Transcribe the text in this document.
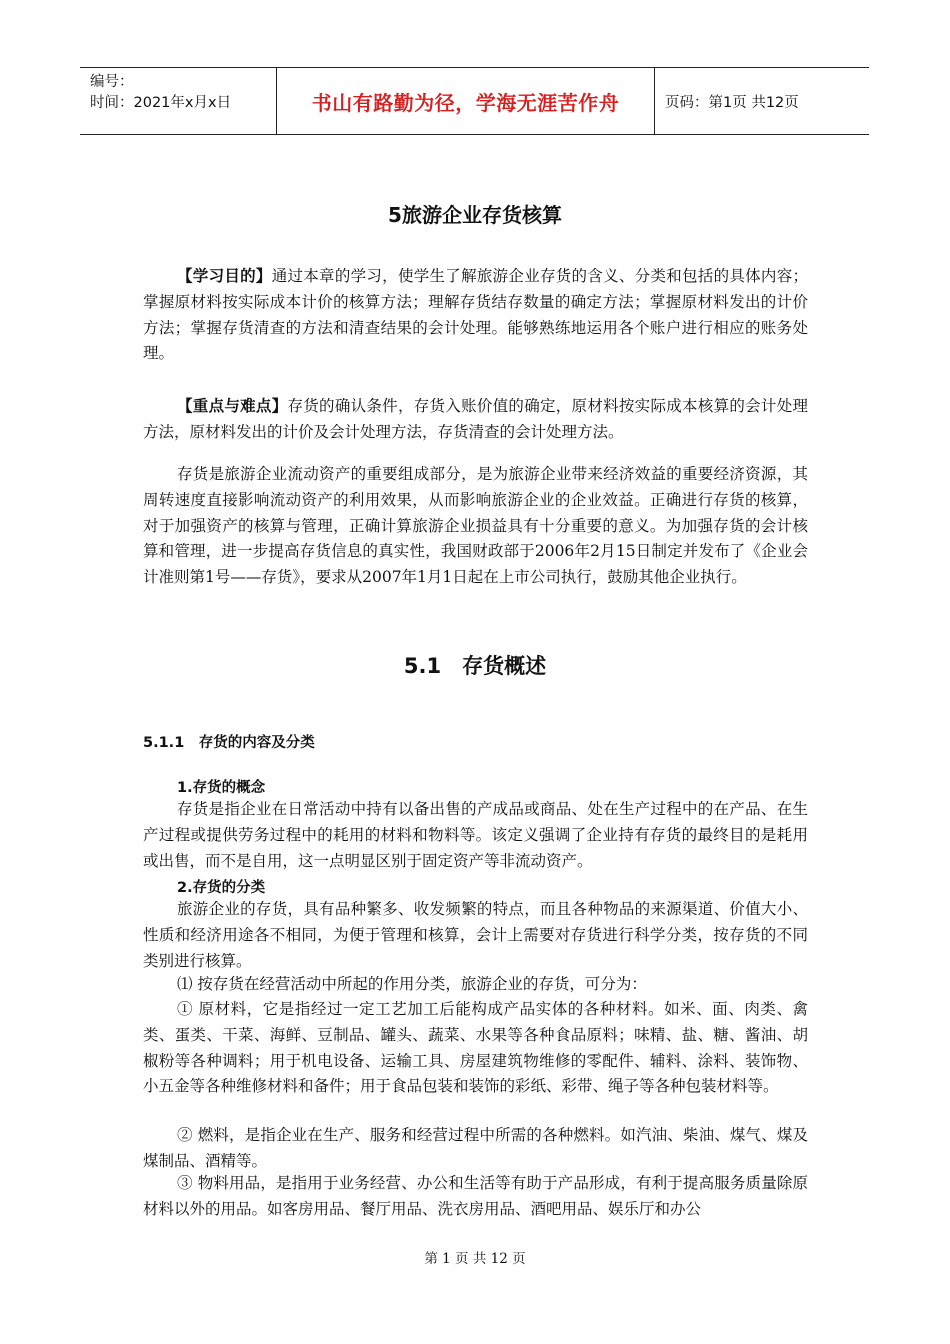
编号：
时间：2021年x月x日	书山有路勤为径，学海无涯苦作舟	页码：第1页 共12页
5旅游企业存货核算

【学习目的】通过本章的学习，使学生了解旅游企业存货的含义、分类和包括的具体内容；掌握原材料按实际成本计价的核算方法；理解存货结存数量的确定方法；掌握原材料发出的计价方法；掌握存货清查的方法和清查结果的会计处理。能够熟练地运用各个账户进行相应的账务处理。

【重点与难点】存货的确认条件，存货入账价值的确定，原材料按实际成本核算的会计处理方法，原材料发出的计价及会计处理方法，存货清查的会计处理方法。

存货是旅游企业流动资产的重要组成部分，是为旅游企业带来经济效益的重要经济资源，其周转速度直接影响流动资产的利用效果，从而影响旅游企业的企业效益。正确进行存货的核算，对于加强资产的核算与管理，正确计算旅游企业损益具有十分重要的意义。为加强存货的会计核算和管理，进一步提高存货信息的真实性，我国财政部于2006年2月15日制定并发布了《企业会计准则第1号——存货》，要求从2007年1月1日起在上市公司执行，鼓励其他企业执行。

5.1　存货概述
5.1.1　存货的内容及分类
1.存货的概念

存货是指企业在日常活动中持有以备出售的产成品或商品、处在生产过程中的在产品、在生产过程或提供劳务过程中的耗用的材料和物料等。该定义强调了企业持有存货的最终目的是耗用或出售，而不是自用，这一点明显区别于固定资产等非流动资产。

2.存货的分类

旅游企业的存货，具有品种繁多、收发频繁的特点，而且各种物品的来源渠道、价值大小、性质和经济用途各不相同，为便于管理和核算，会计上需要对存货进行科学分类，按存货的不同类别进行核算。

⑴ 按存货在经营活动中所起的作用分类，旅游企业的存货，可分为：

① 原材料，它是指经过一定工艺加工后能构成产品实体的各种材料。如米、面、肉类、禽类、蛋类、干菜、海鲜、豆制品、罐头、蔬菜、水果等各种食品原料；味精、盐、糖、酱油、胡椒粉等各种调料；用于机电设备、运输工具、房屋建筑物维修的零配件、辅料、涂料、装饰物、小五金等各种维修材料和备件；用于食品包装和装饰的彩纸、彩带、绳子等各种包装材料等。

② 燃料，是指企业在生产、服务和经营过程中所需的各种燃料。如汽油、柴油、煤气、煤及煤制品、酒精等。

③ 物料用品，是指用于业务经营、办公和生活等有助于产品形成，有利于提高服务质量除原材料以外的用品。如客房用品、餐厅用品、洗衣房用品、酒吧用品、娱乐厅和办公

第 1 页 共 12 页
